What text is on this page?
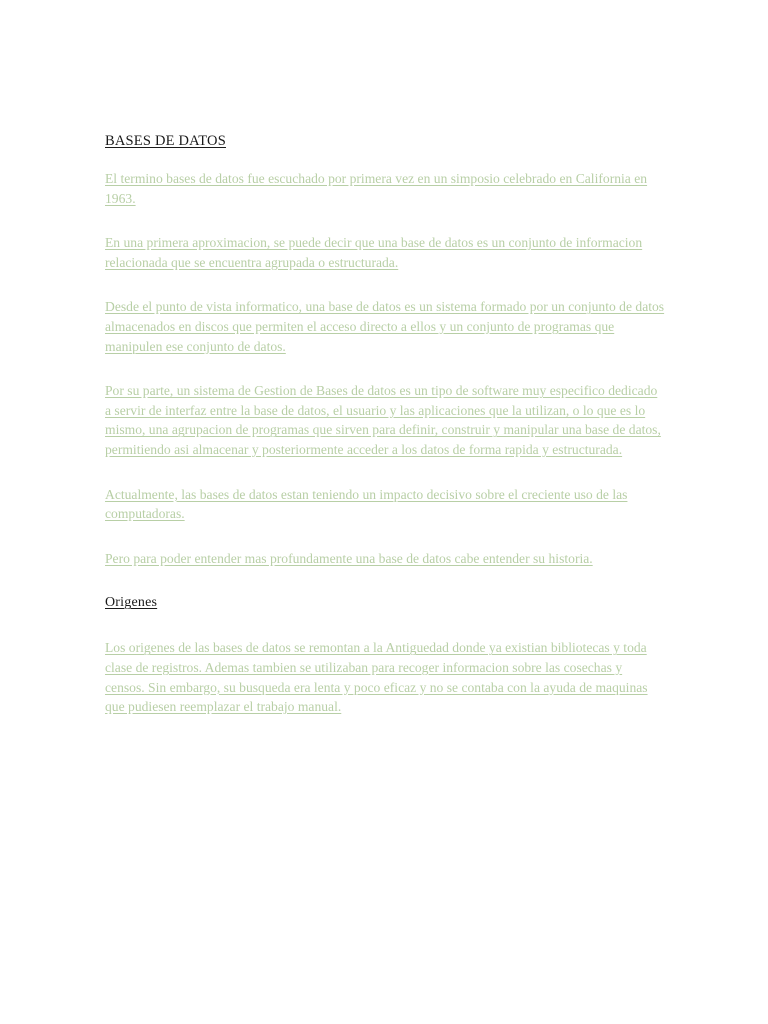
BASES DE DATOS

El termino bases de datos fue escuchado por primera vez en un simposio celebrado en California en 1963.

En una primera aproximacion, se puede decir que una base de datos es un conjunto de informacion relacionada que se encuentra agrupada o estructurada.

Desde el punto de vista informatico, una base de datos es un sistema formado por un conjunto de datos almacenados en discos que permiten el acceso directo a ellos y un conjunto de programas que manipulen ese conjunto de datos.

Por su parte, un sistema de Gestion de Bases de datos es un tipo de software muy especifico dedicado a servir de interfaz entre la base de datos, el usuario y las aplicaciones que la utilizan, o lo que es lo mismo, una agrupacion de programas que sirven para definir, construir y manipular una base de datos, permitiendo asi almacenar y posteriormente acceder a los datos de forma rapida y estructurada.

Actualmente, las bases de datos estan teniendo un impacto decisivo sobre el creciente uso de las computadoras.

Pero para poder entender mas profundamente una base de datos cabe entender su historia.

Origenes

Los origenes de las bases de datos se remontan a la Antiguedad donde ya existian bibliotecas y toda clase de registros. Ademas tambien se utilizaban para recoger informacion sobre las cosechas y censos. Sin embargo, su busqueda era lenta y poco eficaz y no se contaba con la ayuda de maquinas que pudiesen reemplazar el trabajo manual.
